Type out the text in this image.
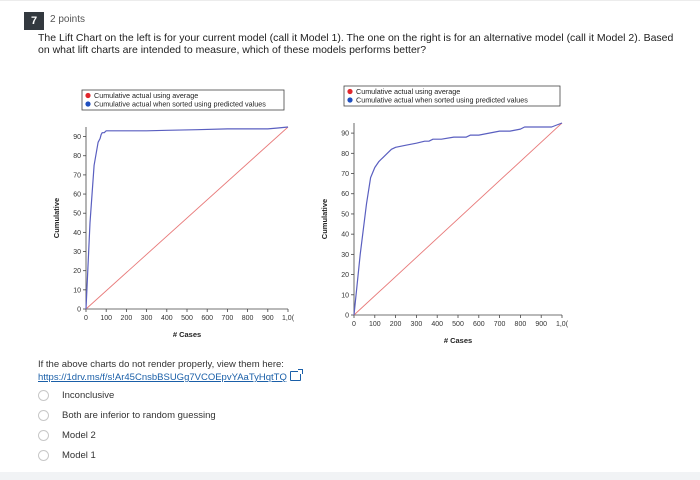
7	2 points
The Lift Chart on the left is for your current model (call it Model 1). The one on the right is for an alternative model (call it Model 2). Based on what lift charts are intended to measure, which of these models performs better?
Cumulative actual using average
Cumulative actual when sorted using predicted values
0
10
20
30
40
50
60
70
80
90
0 100 200 300 400 500 600 700 800 900 1,0(
# Cases
Cumulative
Cumulative actual using average
Cumulative actual when sorted using predicted values
0
10
20
30
40
50
60
70
80
90
0 100 200 300 400 500 600 700 800 900 1,0(
# Cases
Cumulative
If the above charts do not render properly, view them here:
https://1drv.ms/f/s!Ar45CnsbBSUGg7VCOEpvYAaTyHqtTQ
Inconclusive
Both are inferior to random guessing
Model 2
Model 1
